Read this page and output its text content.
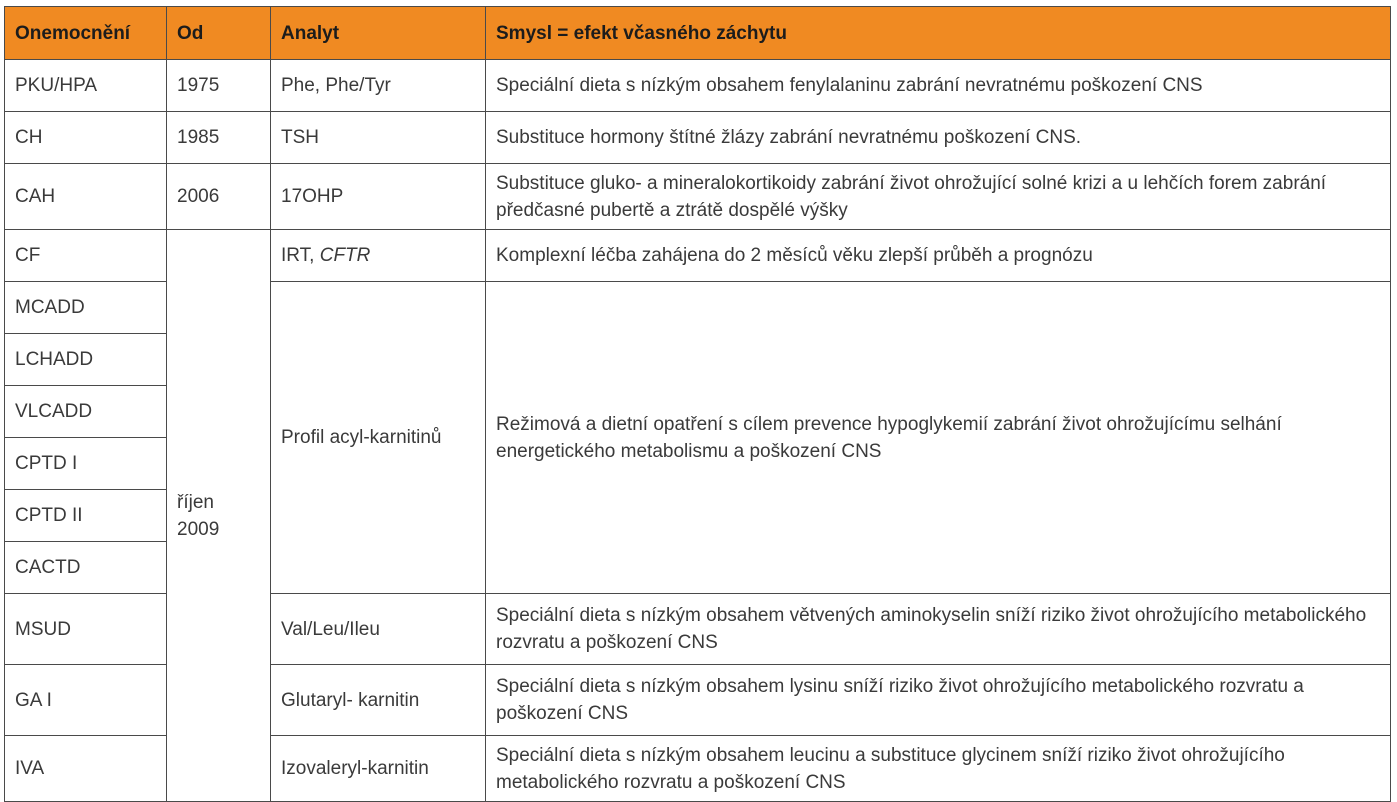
Onemocnění	Od	Analyt	Smysl = efekt včasného záchytu
PKU/HPA	1975	Phe, Phe/Tyr	Speciální dieta s nízkým obsahem fenylalaninu zabrání nevratnému poškození CNS
CH	1985	TSH	Substituce hormony štítné žlázy zabrání nevratnému poškození CNS.
CAH	2006	17OHP	Substituce gluko- a mineralokortikoidy zabrání život ohrožující solné krizi a u lehčích forem zabrání předčasné pubertě a ztrátě dospělé výšky
CF	říjen 2009	IRT, CFTR	Komplexní léčba zahájena do 2 měsíců věku zlepší průběh a prognózu
MCADD		Profil acyl-karnitinů	Režimová a dietní opatření s cílem prevence hypoglykemií zabrání život ohrožujícímu selhání energetického metabolismu a poškození CNS
LCHADD			
VLCADD			
CPTD I			
CPTD II			
CACTD			
MSUD		Val/Leu/Ileu	Speciální dieta s nízkým obsahem větvených aminokyselin sníží riziko život ohrožujícího metabolického rozvratu a poškození CNS
GA I		Glutaryl- karnitin	Speciální dieta s nízkým obsahem lysinu sníží riziko život ohrožujícího metabolického rozvratu a poškození CNS
IVA		Izovaleryl-karnitin	Speciální dieta s nízkým obsahem leucinu a substituce glycinem sníží riziko život ohrožujícího metabolického rozvratu a poškození CNS
